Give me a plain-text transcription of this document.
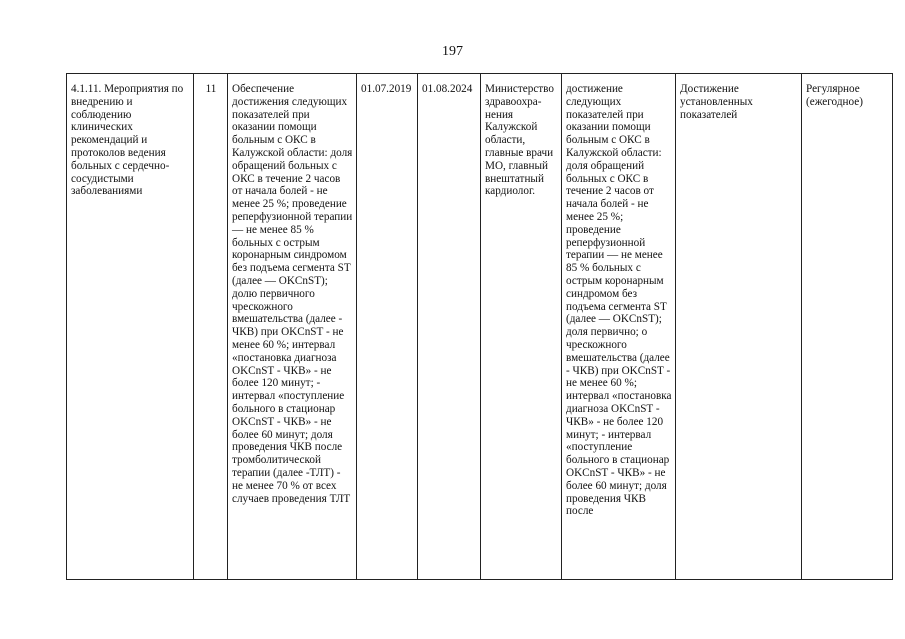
197
4.1.11. Мероприятия по внедрению и соблюдению клинических рекомендаций и протоколов ведения больных с сердечно-сосудистыми заболеваниями	11	Обеспечение достижения следующих показателей при оказании помощи больным с ОКС в Калужской области: доля обращений больных с ОКС в течение 2 часов от начала болей - не менее 25 %; проведение реперфузионной терапии — не менее 85 % больных с острым коронарным синдромом без подъема сегмента ST (далее — OKCnST); долю первичного чрескожного вмешательства (далее - ЧКВ) при OKCnST - не менее 60 %; интервал «постановка диагноза OKCnST - ЧКВ» - не более 120 минут; - интервал «поступление больного в стационар OKCnST - ЧКВ» - не более 60 минут; доля проведения ЧКВ после тромболитической терапии (далее -ТЛТ) - не менее 70 % от всех случаев проведения ТЛТ	01.07.2019	01.08.2024	Министерство здравоохра-нения Калужской области, главные врачи МО, главный внештатный кардиолог.	достижение следующих показателей при оказании помощи больным с ОКС в Калужской области: доля обращений больных с ОКС в течение 2 часов от начала болей - не менее 25 %; проведение реперфузионной терапии — не менее 85 % больных с острым коронарным синдромом без подъема сегмента ST (далее — OKCnST); доля первично; о чрескожного вмешательства (далее - ЧКВ) при OKCnST - не менее 60 %; интервал «постановка диагноза OKCnST - ЧКВ» - не более 120 минут; - интервал «поступление больного в стационар OKCnST - ЧКВ» - не более 60 минут; доля проведения ЧКВ после	Достижение установленных показателей	Регулярное (ежегодное)
